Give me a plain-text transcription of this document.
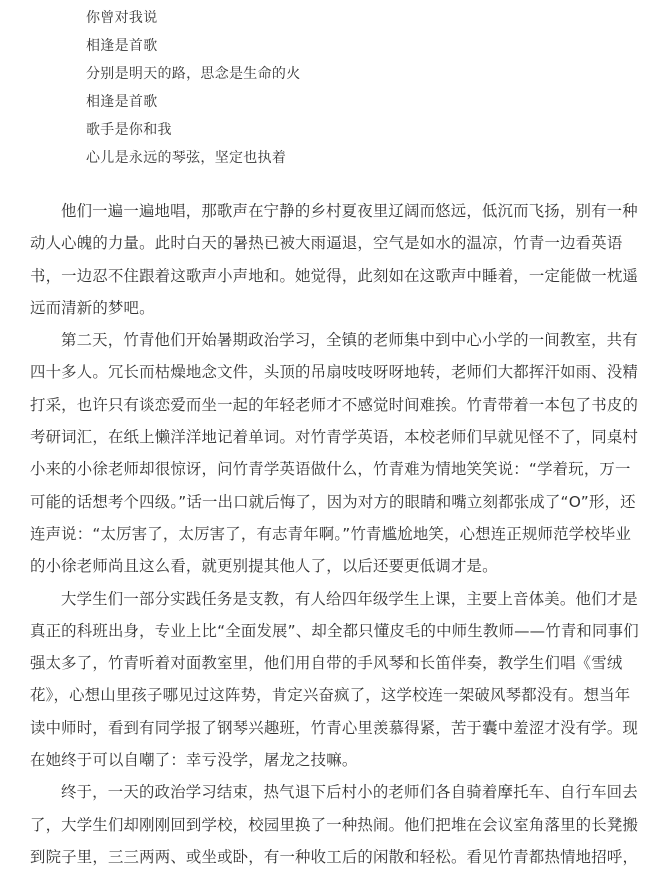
你曾对我说
相逢是首歌
分别是明天的路，思念是生命的火
相逢是首歌
歌手是你和我
心儿是永远的琴弦，坚定也执着

他们一遍一遍地唱，那歌声在宁静的乡村夏夜里辽阔而悠远，低沉而飞扬，别有一种
动人心魄的力量。此时白天的暑热已被大雨逼退，空气是如水的温凉，竹青一边看英语
书，一边忍不住跟着这歌声小声地和。她觉得，此刻如在这歌声中睡着，一定能做一枕遥
远而清新的梦吧。

第二天，竹青他们开始暑期政治学习，全镇的老师集中到中心小学的一间教室，共有
四十多人。冗长而枯燥地念文件，头顶的吊扇吱吱呀呀地转，老师们大都挥汗如雨、没精
打采，也许只有谈恋爱而坐一起的年轻老师才不感觉时间难挨。竹青带着一本包了书皮的
考研词汇，在纸上懒洋洋地记着单词。对竹青学英语，本校老师们早就见怪不了，同桌村
小来的小徐老师却很惊讶，问竹青学英语做什么，竹青难为情地笑笑说：“学着玩，万一
可能的话想考个四级。”话一出口就后悔了，因为对方的眼睛和嘴立刻都张成了“O”形，还
连声说：“太厉害了，太厉害了，有志青年啊。”竹青尴尬地笑，心想连正规师范学校毕业
的小徐老师尚且这么看，就更别提其他人了，以后还要更低调才是。

大学生们一部分实践任务是支教，有人给四年级学生上课，主要上音体美。他们才是
真正的科班出身，专业上比“全面发展”、却全都只懂皮毛的中师生教师——竹青和同事们
强太多了，竹青听着对面教室里，他们用自带的手风琴和长笛伴奏，教学生们唱《雪绒
花》，心想山里孩子哪见过这阵势，肯定兴奋疯了，这学校连一架破风琴都没有。想当年
读中师时，看到有同学报了钢琴兴趣班，竹青心里羡慕得紧，苦于囊中羞涩才没有学。现
在她终于可以自嘲了：幸亏没学，屠龙之技嘛。

终于，一天的政治学习结束，热气退下后村小的老师们各自骑着摩托车、自行车回去
了，大学生们却刚刚回到学校，校园里换了一种热闹。他们把堆在会议室角落里的长凳搬
到院子里，三三两两、或坐或卧，有一种收工后的闲散和轻松。看见竹青都热情地招呼，
